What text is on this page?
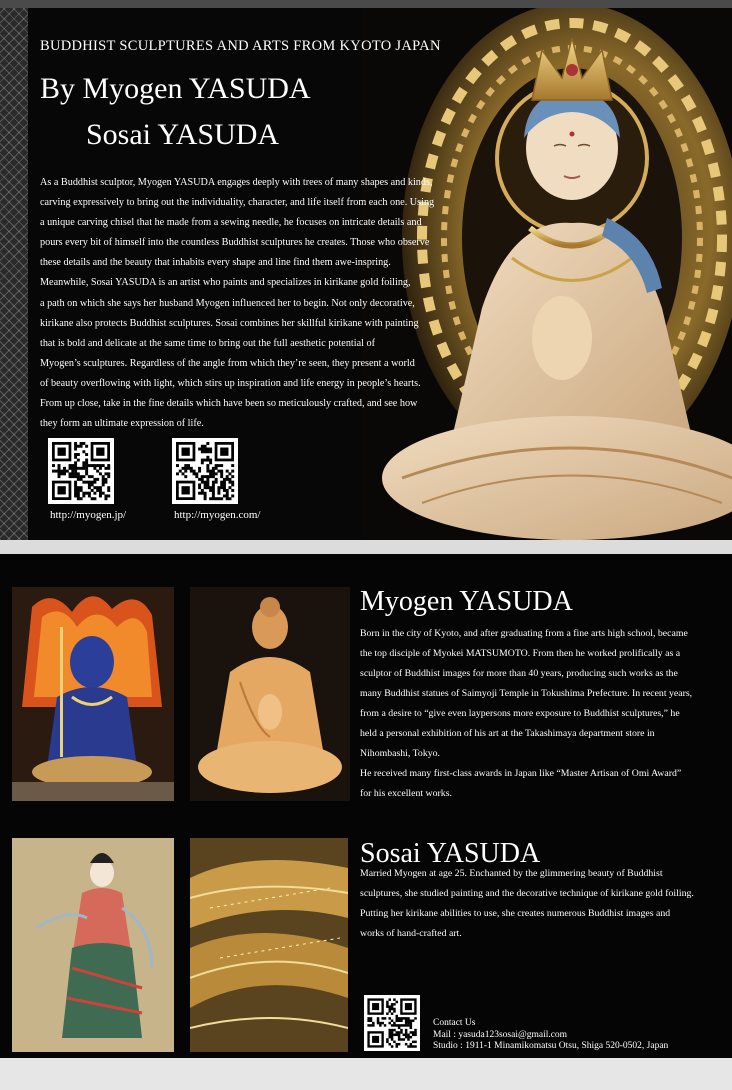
BUDDHIST SCULPTURES AND ARTS FROM KYOTO JAPAN
By Myogen YASUDA
Sosai YASUDA

As a Buddhist sculptor, Myogen YASUDA engages deeply with trees of many shapes and kinds,

carving expressively to bring out the individuality, character, and life itself from each one. Using

a unique carving chisel that he made from a sewing needle, he focuses on intricate details and

pours every bit of himself into the countless Buddhist sculptures he creates. Those who observe

these details and the beauty that inhabits every shape and line find them awe-inspring.

Meanwhile, Sosai YASUDA is an artist who paints and specializes in kirikane gold foiling,

a path on which she says her husband Myogen influenced her to begin. Not only decorative,

kirikane also protects Buddhist sculptures. Sosai combines her skillful kirikane with painting

that is bold and delicate at the same time to bring out the full aesthetic potential of

Myogen’s sculptures. Regardless of the angle from which they’re seen, they present a world

of beauty overflowing with light, which stirs up inspiration and life energy in people’s hearts.

From up close, take in the fine details which have been so meticulously crafted, and see how

they form an ultimate expression of life.

http://myogen.jp/	http://myogen.com/
Myogen YASUDA
Born in the city of Kyoto, and after graduating from a fine arts high school, became
the top disciple of Myokei MATSUMOTO. From then he worked prolifically as a
sculptor of Buddhist images for more than 40 years, producing such works as the
many Buddhist statues of Saimyoji Temple in Tokushima Prefecture. In recent years,
from a desire to “give even laypersons more exposure to Buddhist sculptures,” he
held a personal exhibition of his art at the Takashimaya department store in
Nihombashi, Tokyo.
He received many first-class awards in Japan like “Master Artisan of Omi Award”
for his excellent works.
Sosai YASUDA
Married Myogen at age 25. Enchanted by the glimmering beauty of Buddhist
sculptures, she studied painting and the decorative technique of kirikane gold foiling.
Putting her kirikane abilities to use, she creates numerous Buddhist images and
works of hand-crafted art.
Contact Us
Mail : yasuda123sosai@gmail.com
Studio : 1911-1 Minamikomatsu Otsu, Shiga 520-0502, Japan
